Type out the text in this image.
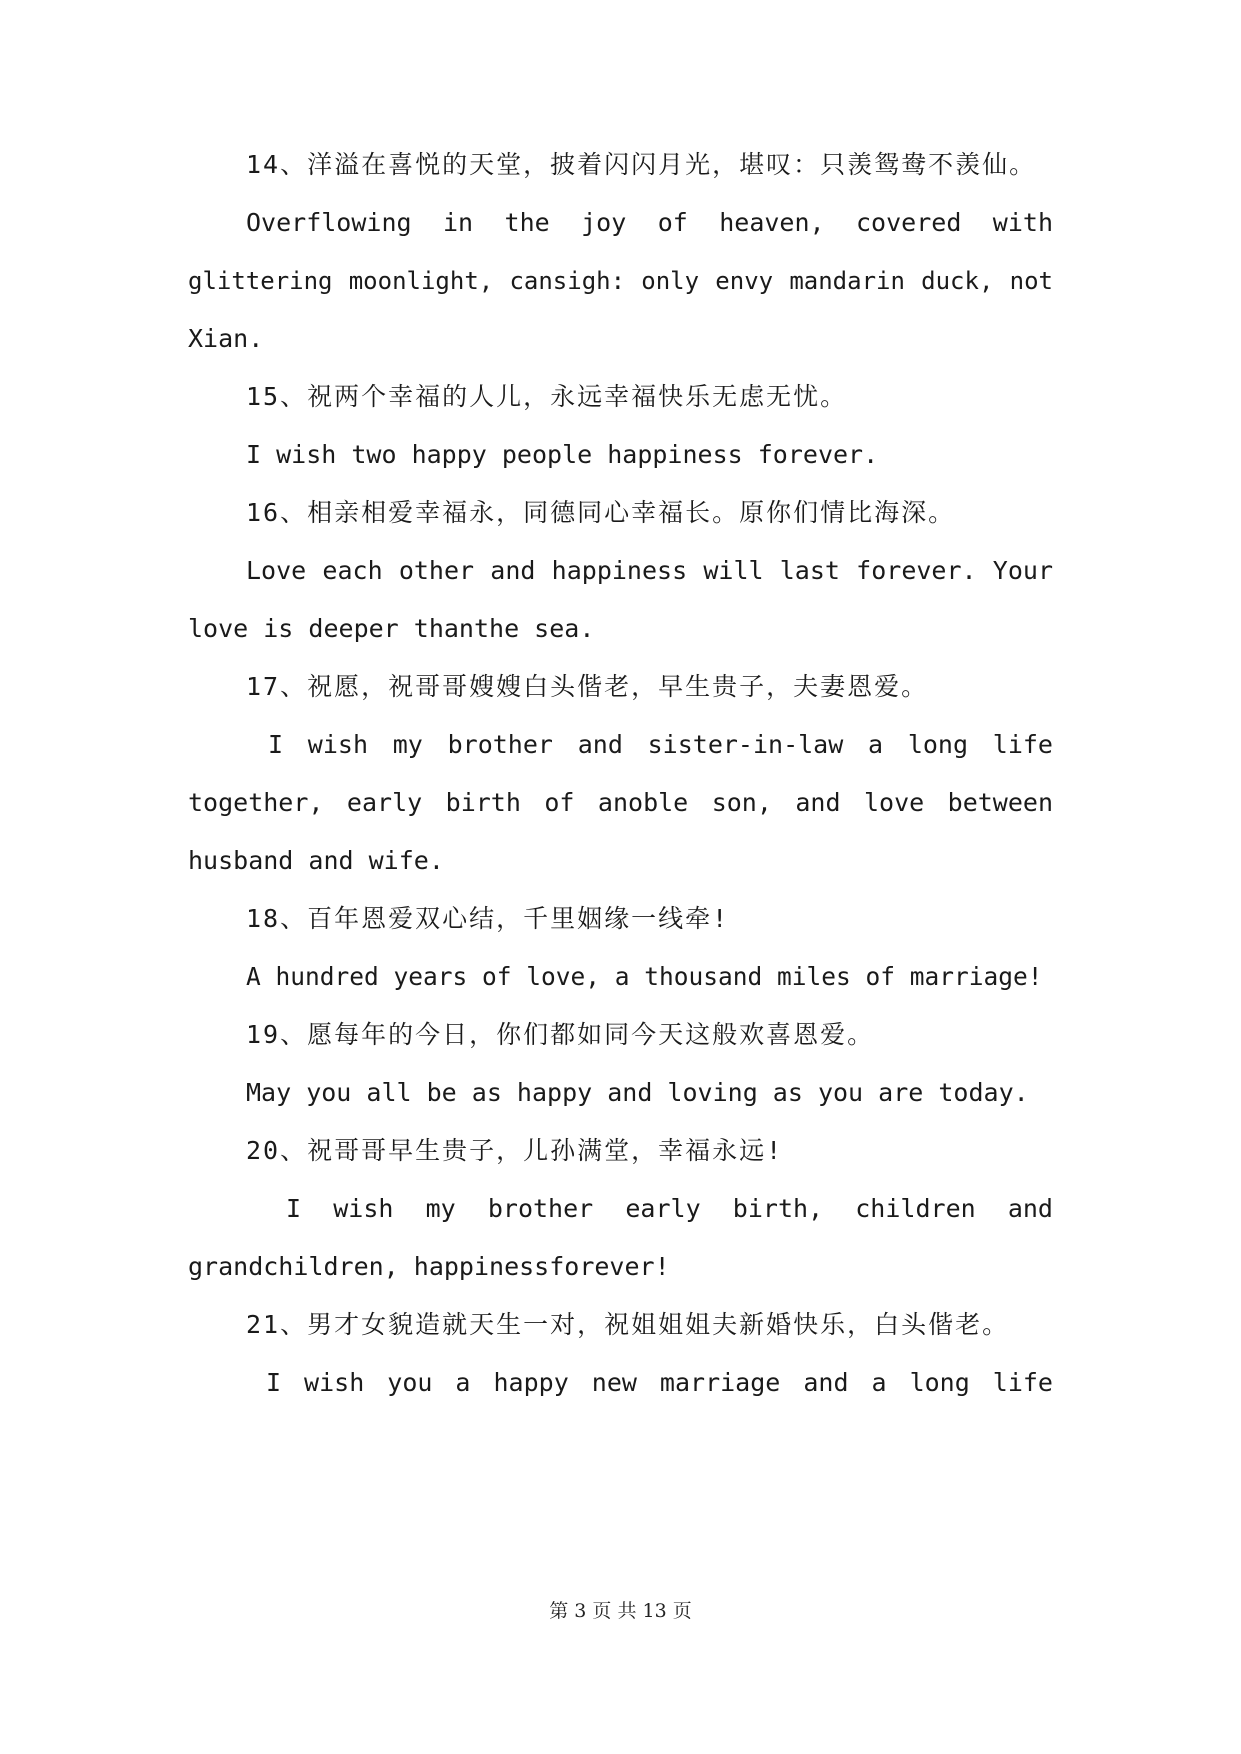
14、洋溢在喜悦的天堂，披着闪闪月光，堪叹：只羡鸳鸯不羡仙。
Overflowing in the joy of heaven, covered with
glittering moonlight, cansigh: only envy mandarin duck, not
Xian.
15、祝两个幸福的人儿，永远幸福快乐无虑无忧。
I wish two happy people happiness forever.
16、相亲相爱幸福永，同德同心幸福长。原你们情比海深。
Love each other and happiness will last forever. Your
love is deeper thanthe sea.
17、祝愿，祝哥哥嫂嫂白头偕老，早生贵子，夫妻恩爱。
I wish my brother and sister-in-law a long life
together, early birth of anoble son, and love between
husband and wife.
18、百年恩爱双心结，千里姻缘一线牵!
A hundred years of love, a thousand miles of marriage!
19、愿每年的今日，你们都如同今天这般欢喜恩爱。
May you all be as happy and loving as you are today.
20、祝哥哥早生贵子，儿孙满堂，幸福永远!
I wish my brother early birth, children and
grandchildren, happinessforever!
21、男才女貌造就天生一对，祝姐姐姐夫新婚快乐，白头偕老。
I wish you a happy new marriage and a long life
第 3 页 共 13 页
